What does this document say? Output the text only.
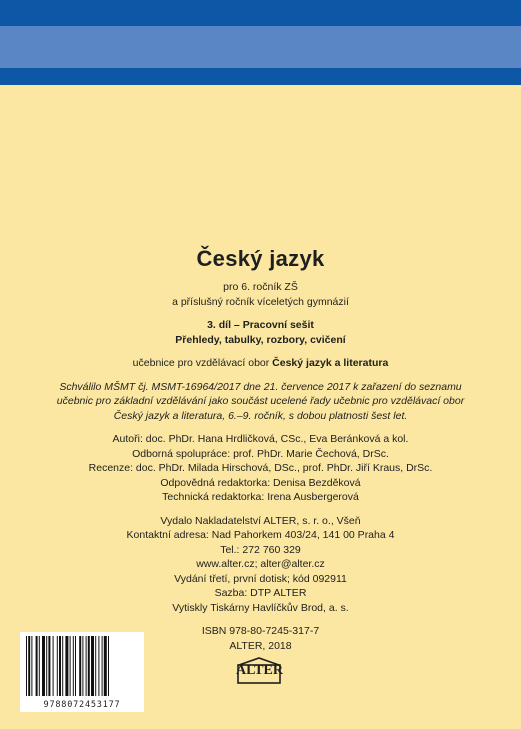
Český jazyk

pro 6. ročník ZŠ

a příslušný ročník víceletých gymnázií

3. díl – Pracovní sešit

Přehledy, tabulky, rozbory, cvičení

učebnice pro vzdělávací obor Český jazyk a literatura

Schválilo MŠMT čj. MSMT-16964/2017 dne 21. července 2017 k zařazení do seznamu

učebnic pro základní vzdělávání jako součást ucelené řady učebnic pro vzdělávací obor

Český jazyk a literatura, 6.–9. ročník, s dobou platnosti šest let.

Autoři: doc. PhDr. Hana Hrdličková, CSc., Eva Beránková a kol.

Odborná spolupráce: prof. PhDr. Marie Čechová, DrSc.

Recenze: doc. PhDr. Milada Hirschová, DSc., prof. PhDr. Jiří Kraus, DrSc.

Odpovědná redaktorka: Denisa Bezděková

Technická redaktorka: Irena Ausbergerová

Vydalo Nakladatelství ALTER, s. r. o., Všeň

Kontaktní adresa: Nad Pahorkem 403/24, 141 00 Praha 4

Tel.: 272 760 329

www.alter.cz; alter@alter.cz

Vydání třetí, první dotisk; kód 092911

Sazba: DTP ALTER

Vytiskly Tiskárny Havlíčkův Brod, a. s.

ISBN 978-80-7245-317-7

ALTER, 2018

9788072453177
ALTER
